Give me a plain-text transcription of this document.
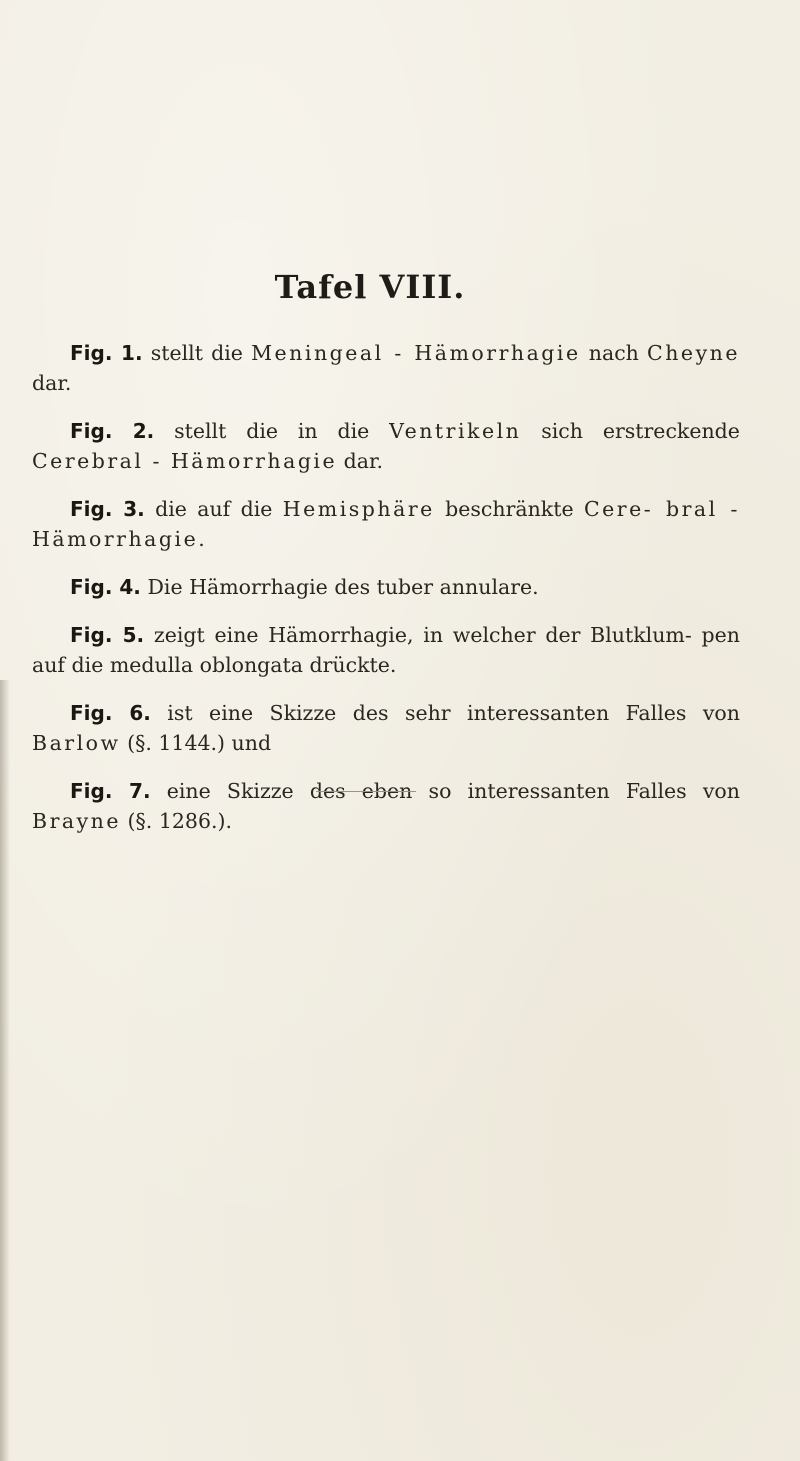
Tafel VIII.

Fig. 1. stellt die Meningeal - Hämorrhagie nach Cheyne dar.

Fig. 2. stellt die in die Ventrikeln sich erstreckende Cerebral - Hämorrhagie dar.

Fig. 3. die auf die Hemisphäre beschränkte Cere- bral - Hämorrhagie.

Fig. 4. Die Hämorrhagie des tuber annulare.

Fig. 5. zeigt eine Hämorrhagie, in welcher der Blutklum- pen auf die medulla oblongata drückte.

Fig. 6. ist eine Skizze des sehr interessanten Falles von Barlow (§. 1144.) und

Fig. 7. eine Skizze des eben so interessanten Falles von Brayne (§. 1286.).
